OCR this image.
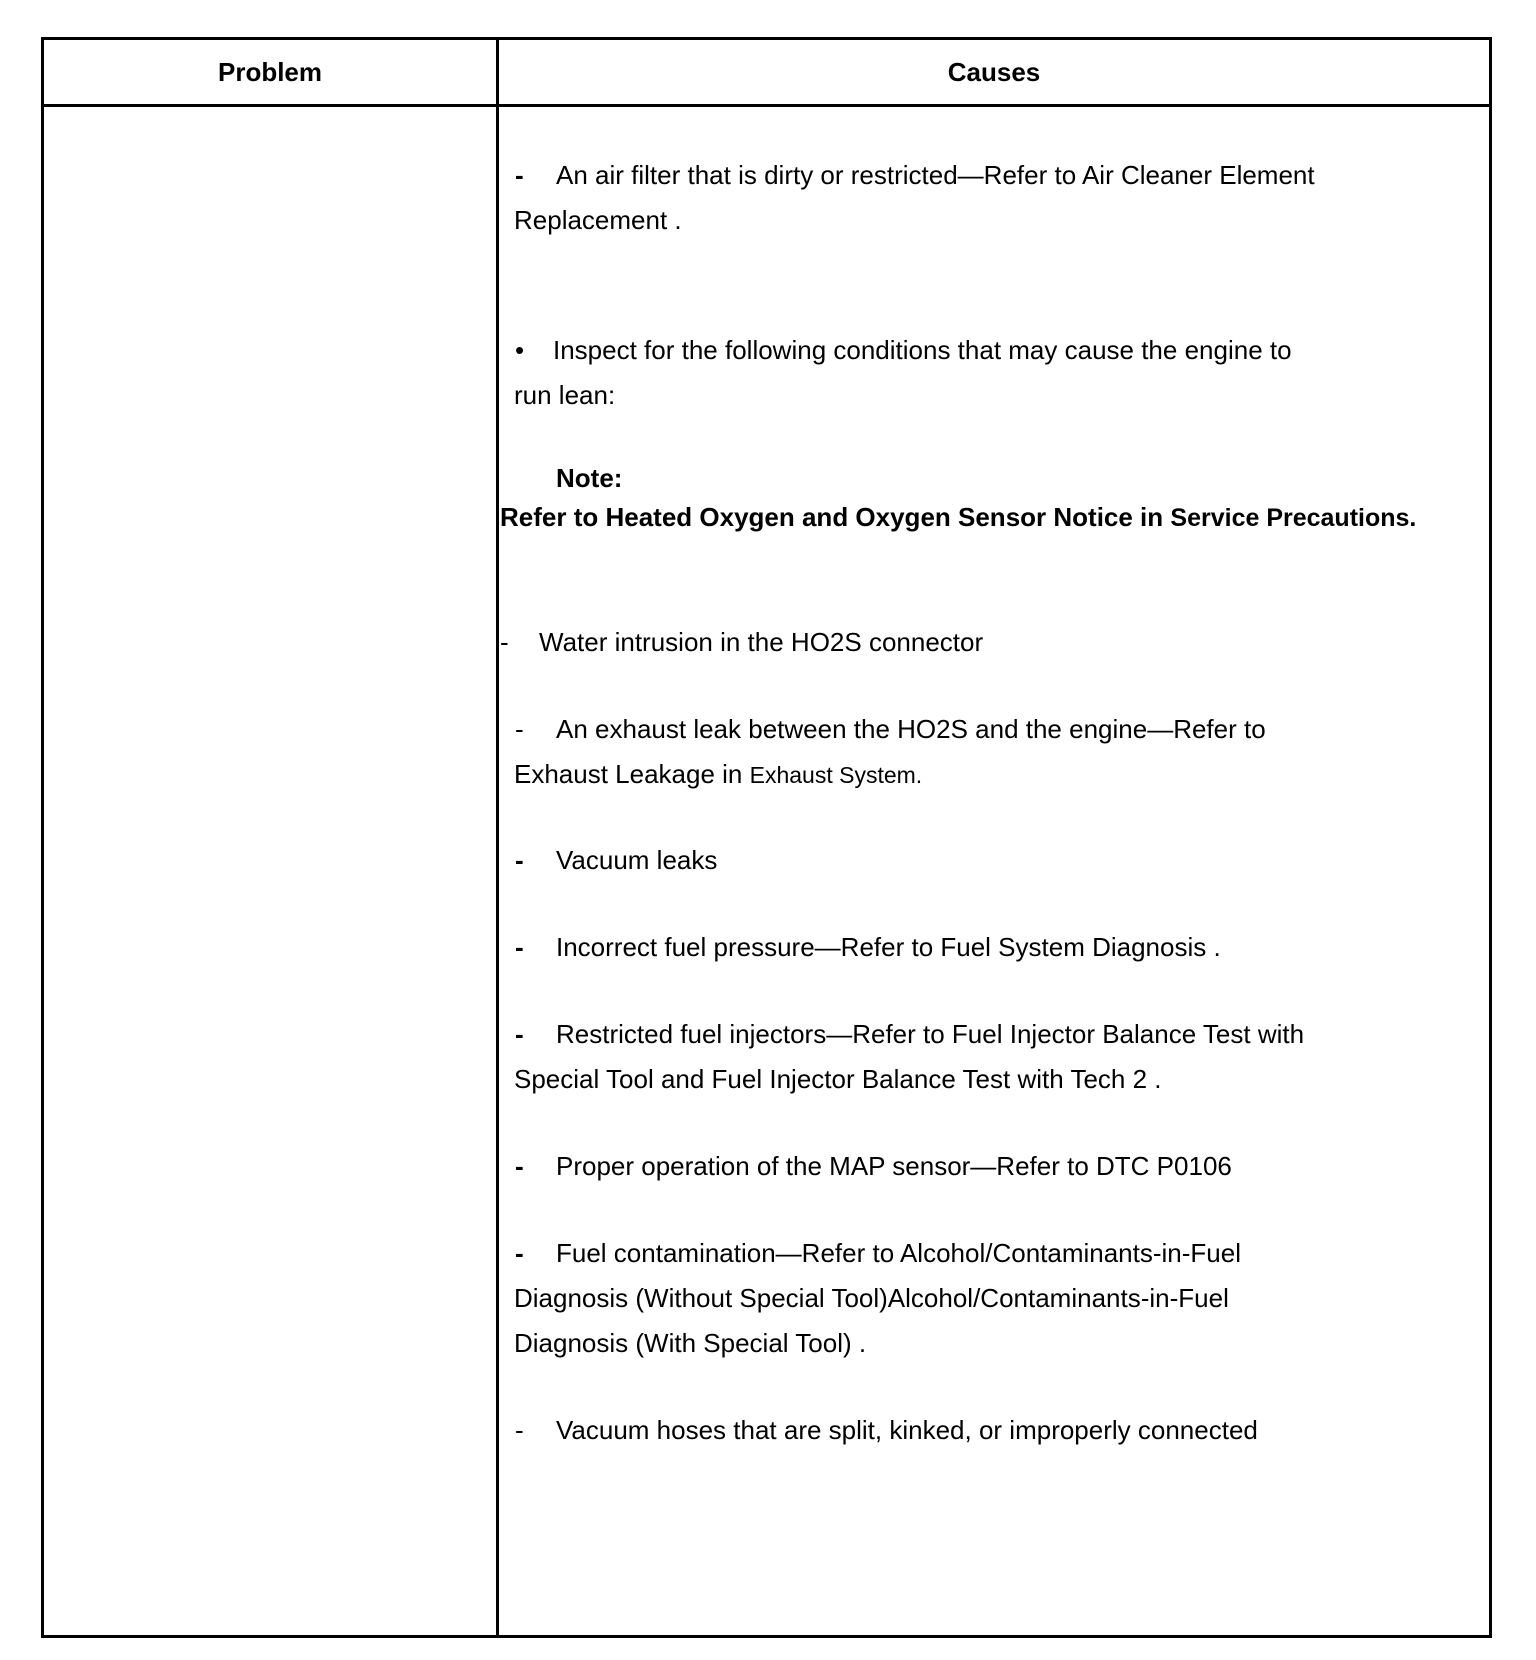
Problem	Causes
- An air filter that is dirty or restricted—Refer to Air Cleaner Element
Replacement .
• Inspect for the following conditions that may cause the engine to
run lean:
Note:
Refer to Heated Oxygen and Oxygen Sensor Notice in Service Precautions.
- Water intrusion in the HO2S connector
- An exhaust leak between the HO2S and the engine—Refer to
Exhaust Leakage in Exhaust System.
- Vacuum leaks
- Incorrect fuel pressure—Refer to Fuel System Diagnosis .
- Restricted fuel injectors—Refer to Fuel Injector Balance Test with
Special Tool and Fuel Injector Balance Test with Tech 2 .
- Proper operation of the MAP sensor—Refer to DTC P0106
- Fuel contamination—Refer to Alcohol/Contaminants-in-Fuel
Diagnosis (Without Special Tool)Alcohol/Contaminants-in-Fuel
Diagnosis (With Special Tool) .
- Vacuum hoses that are split, kinked, or improperly connected
